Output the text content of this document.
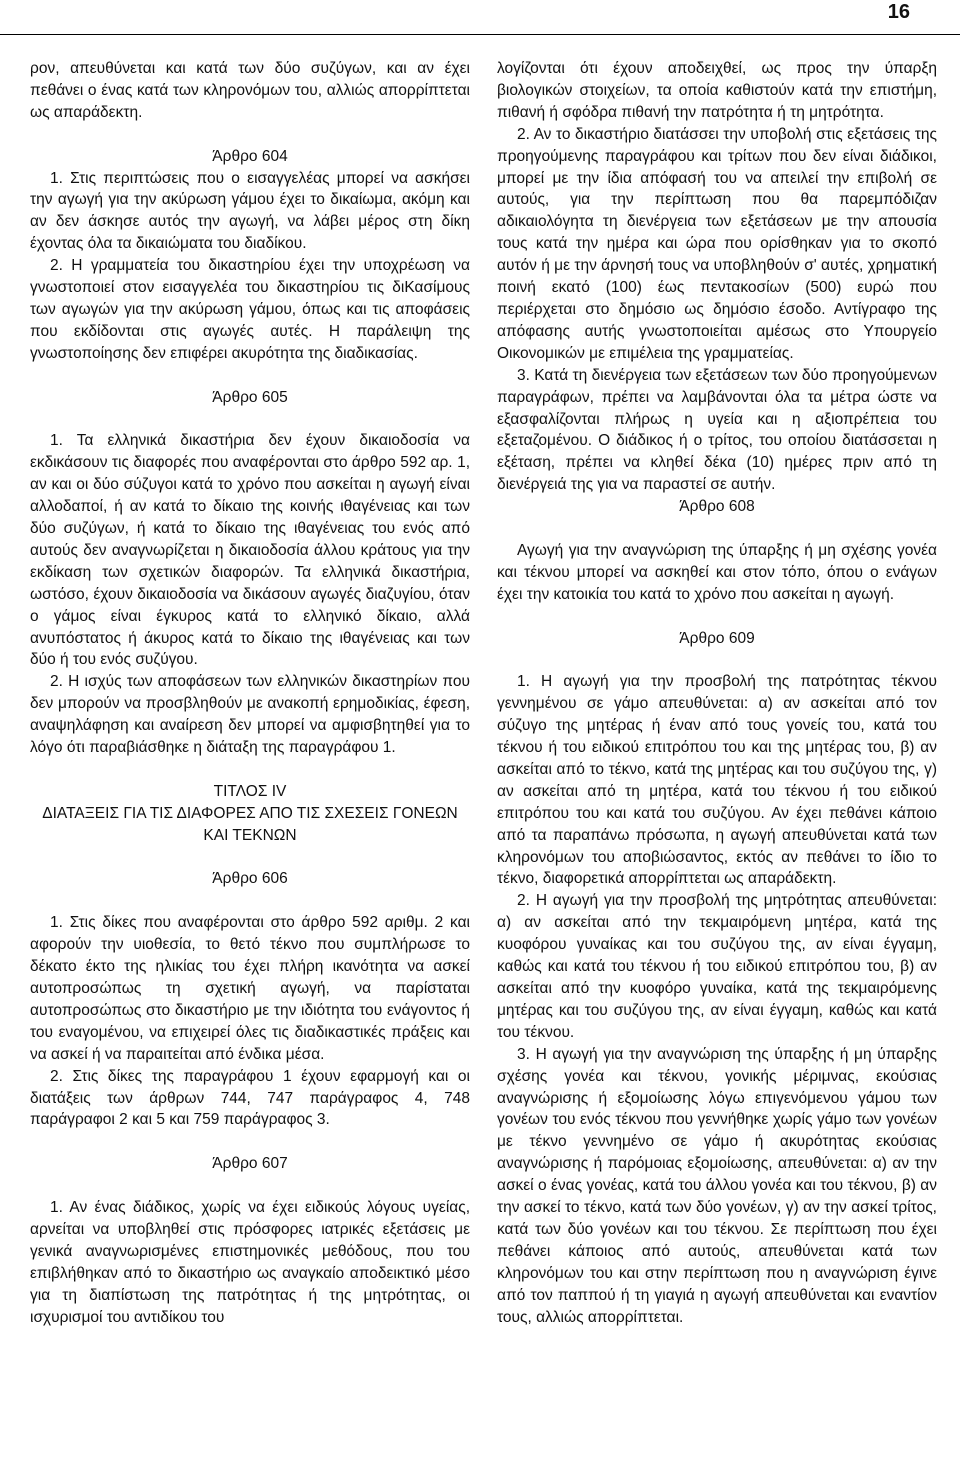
16

ρον, απευθύνεται και κατά των δύο συζύγων, και αν έχει πεθάνει ο ένας κατά των κληρονόμων του, αλλιώς απορρίπτεται ως απαράδεκτη.

Άρθρο 604

1. Στις περιπτώσεις που ο εισαγγελέας μπορεί να ασκήσει την αγωγή για την ακύρωση γάμου έχει το δικαίωμα, ακόμη και αν δεν άσκησε αυτός την αγωγή, να λάβει μέρος στη δίκη έχοντας όλα τα δικαιώματα του διαδίκου.

2. Η γραμματεία του δικαστηρίου έχει την υποχρέωση να γνωστοποιεί στον εισαγγελέα του δικαστηρίου τις διΚασίμους των αγωγών για την ακύρωση γάμου, όπως και τις αποφάσεις που εκδίδονται στις αγωγές αυτές. Η παράλειψη της γνωστοποίησης δεν επιφέρει ακυρότητα της διαδικασίας.

Άρθρο 605

1. Τα ελληνικά δικαστήρια δεν έχουν δικαιοδοσία να εκδικάσουν τις διαφορές που αναφέρονται στο άρθρο 592 αρ. 1, αν και οι δύο σύζυγοι κατά το χρόνο που ασκείται η αγωγή είναι αλλοδαποί, ή αν κατά το δίκαιο της κοινής ιθαγένειας και των δύο συζύγων, ή κατά το δίκαιο της ιθαγένειας του ενός από αυτούς δεν αναγνωρίζεται η δικαιοδοσία άλλου κράτους για την εκδίκαση των σχετικών διαφορών. Τα ελληνικά δικαστήρια, ωστόσο, έχουν δικαιοδοσία να δικάσουν αγωγές διαζυγίου, όταν ο γάμος είναι έγκυρος κατά το ελληνικό δίκαιο, αλλά ανυπόστατος ή άκυρος κατά το δίκαιο της ιθαγένειας και των δύο ή του ενός συζύγου.

2. Η ισχύς των αποφάσεων των ελληνικών δικαστηρίων που δεν μπορούν να προσβληθούν με ανακοπή ερημοδικίας, έφεση, αναψηλάφηση και αναίρεση δεν μπορεί να αμφισβητηθεί για το λόγο ότι παραβιάσθηκε η διάταξη της παραγράφου 1.

ΤΙΤΛΟΣ IV

ΔΙΑΤΑΞΕΙΣ ΓΙΑ ΤΙΣ ΔΙΑΦΟΡΕΣ ΑΠΟ ΤΙΣ ΣΧΕΣΕΙΣ ΓΟΝΕΩΝ ΚΑΙ ΤΕΚΝΩΝ

Άρθρο 606

1. Στις δίκες που αναφέρονται στο άρθρο 592 αριθμ. 2 και αφορούν την υιοθεσία, το θετό τέκνο που συμπλήρωσε το δέκατο έκτο της ηλικίας του έχει πλήρη ικανότητα να ασκεί αυτοπροσώπως τη σχετική αγωγή, να παρίσταται αυτοπροσώπως στο δικαστήριο με την ιδιότητα του ενάγοντος ή του εναγομένου, να επιχειρεί όλες τις διαδικαστικές πράξεις και να ασκεί ή να παραιτείται από ένδικα μέσα.

2. Στις δίκες της παραγράφου 1 έχουν εφαρμογή και οι διατάξεις των άρθρων 744, 747 παράγραφος 4, 748 παράγραφοι 2 και 5 και 759 παράγραφος 3.

Άρθρο 607

1. Αν ένας διάδικος, χωρίς να έχει ειδικούς λόγους υγείας, αρνείται να υποβληθεί στις πρόσφορες ιατρικές εξετάσεις με γενικά αναγνωρισμένες επιστημονικές μεθόδους, που του επιβλήθηκαν από το δικαστήριο ως αναγκαίο αποδεικτικό μέσο για τη διαπίστωση της πατρότητας ή της μητρότητας, οι ισχυρισμοί του αντιδίκου του

λογίζονται ότι έχουν αποδειχθεί, ως προς την ύπαρξη βιολογικών στοιχείων, τα οποία καθιστούν κατά την επιστήμη, πιθανή ή σφόδρα πιθανή την πατρότητα ή τη μητρότητα.

2. Αν το δικαστήριο διατάσσει την υποβολή στις εξετάσεις της προηγούμενης παραγράφου και τρίτων που δεν είναι διάδικοι, μπορεί με την ίδια απόφασή του να απειλεί την επιβολή σε αυτούς, για την περίπτωση που θα παρεμπόδιζαν αδικαιολόγητα τη διενέργεια των εξετάσεων με την απουσία τους κατά την ημέρα και ώρα που ορίσθηκαν για το σκοπό αυτόν ή με την άρνησή τους να υποβληθούν σ' αυτές, χρηματική ποινή εκατό (100) έως πεντακοσίων (500) ευρώ που περιέρχεται στο δημόσιο ως δημόσιο έσοδο. Αντίγραφο της απόφασης αυτής γνωστοποιείται αμέσως στο Υπουργείο Οικονομικών με επιμέλεια της γραμματείας.

3. Κατά τη διενέργεια των εξετάσεων των δύο προηγούμενων παραγράφων, πρέπει να λαμβάνονται όλα τα μέτρα ώστε να εξασφαλίζονται πλήρως η υγεία και η αξιοπρέπεια του εξεταζομένου. Ο διάδικος ή ο τρίτος, του οποίου διατάσσεται η εξέταση, πρέπει να κληθεί δέκα (10) ημέρες πριν από τη διενέργειά της για να παραστεί σε αυτήν.

Άρθρο 608

Αγωγή για την αναγνώριση της ύπαρξης ή μη σχέσης γονέα και τέκνου μπορεί να ασκηθεί και στον τόπο, όπου ο ενάγων έχει την κατοικία του κατά το χρόνο που ασκείται η αγωγή.

Άρθρο 609

1. Η αγωγή για την προσβολή της πατρότητας τέκνου γεννημένου σε γάμο απευθύνεται: α) αν ασκείται από τον σύζυγο της μητέρας ή έναν από τους γονείς του, κατά του τέκνου ή του ειδικού επιτρόπου του και της μητέρας του, β) αν ασκείται από το τέκνο, κατά της μητέρας και του συζύγου της, γ) αν ασκείται από τη μητέρα, κατά του τέκνου ή του ειδικού επιτρόπου του και κατά του συζύγου. Αν έχει πεθάνει κάποιο από τα παραπάνω πρόσωπα, η αγωγή απευθύνεται κατά των κληρονόμων του αποβιώσαντος, εκτός αν πεθάνει το ίδιο το τέκνο, διαφορετικά απορρίπτεται ως απαράδεκτη.

2. Η αγωγή για την προσβολή της μητρότητας απευθύνεται: α) αν ασκείται από την τεκμαιρόμενη μητέρα, κατά της κυοφόρου γυναίκας και του συζύγου της, αν είναι έγγαμη, καθώς και κατά του τέκνου ή του ειδικού επιτρόπου του, β) αν ασκείται από την κυοφόρο γυναίκα, κατά της τεκμαιρόμενης μητέρας και του συζύγου της, αν είναι έγγαμη, καθώς και κατά του τέκνου.

3. Η αγωγή για την αναγνώριση της ύπαρξης ή μη ύπαρξης σχέσης γονέα και τέκνου, γονικής μέριμνας, εκούσιας αναγνώρισης ή εξομοίωσης λόγω επιγενόμενου γάμου των γονέων του ενός τέκνου που γεννήθηκε χωρίς γάμο των γονέων με τέκνο γεννημένο σε γάμο ή ακυρότητας εκούσιας αναγνώρισης ή παρόμοιας εξομοίωσης, απευθύνεται: α) αν την ασκεί ο ένας γονέας, κατά του άλλου γονέα και του τέκνου, β) αν την ασκεί το τέκνο, κατά των δύο γονέων, γ) αν την ασκεί τρίτος, κατά των δύο γονέων και του τέκνου. Σε περίπτωση που έχει πεθάνει κάποιος από αυτούς, απευθύνεται κατά των κληρονόμων του και στην περίπτωση που η αναγνώριση έγινε από τον παππού ή τη γιαγιά η αγωγή απευθύνεται και εναντίον τους, αλλιώς απορρίπτεται.
